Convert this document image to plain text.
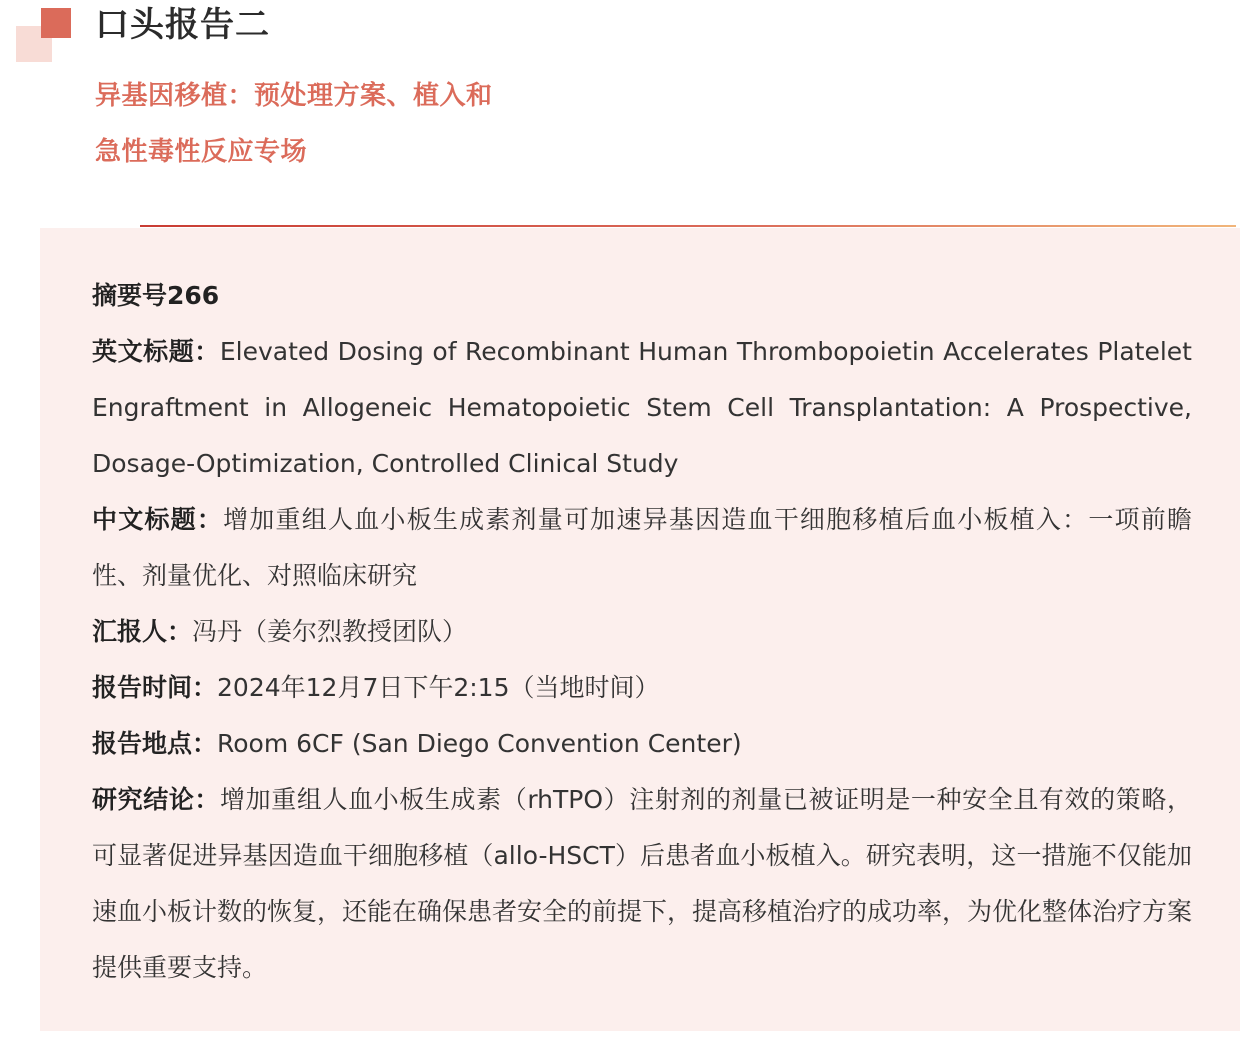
口头报告二
异基因移植：预处理方案、植入和
急性毒性反应专场
摘要号266
英文标题：Elevated Dosing of Recombinant Human Thrombopoietin Accelerates Platelet Engraftment in Allogeneic Hematopoietic Stem Cell Transplantation: A Prospective, Dosage-Optimization, Controlled Clinical Study
中文标题：增加重组人血小板生成素剂量可加速异基因造血干细胞移植后血小板植入：一项前瞻性、剂量优化、对照临床研究
汇报人：冯丹（姜尔烈教授团队）
报告时间：2024年12月7日下午2:15（当地时间）
报告地点：Room 6CF (San Diego Convention Center)
研究结论：增加重组人血小板生成素（rhTPO）注射剂的剂量已被证明是一种安全且有效的策略，可显著促进异基因造血干细胞移植（allo-HSCT）后患者血小板植入。研究表明，这一措施不仅能加速血小板计数的恢复，还能在确保患者安全的前提下，提高移植治疗的成功率，为优化整体治疗方案提供重要支持。
